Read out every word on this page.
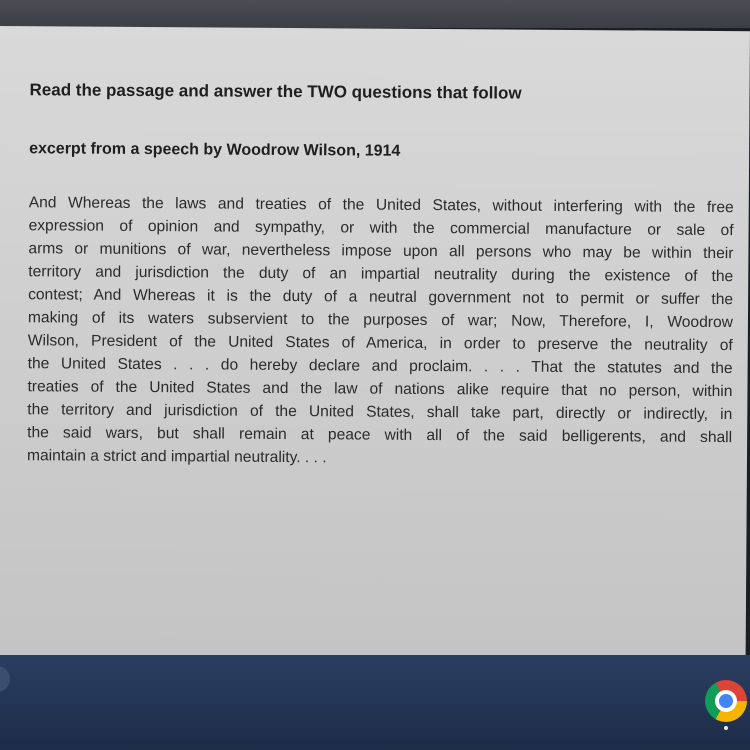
Read the passage and answer the TWO questions that follow

excerpt from a speech by Woodrow Wilson, 1914

And Whereas the laws and treaties of the United States, without interfering with the free
expression of opinion and sympathy, or with the commercial manufacture or sale of
arms or munitions of war, nevertheless impose upon all persons who may be within their
territory and jurisdiction the duty of an impartial neutrality during the existence of the
contest; And Whereas it is the duty of a neutral government not to permit or suffer the
making of its waters subservient to the purposes of war; Now, Therefore, I, Woodrow
Wilson, President of the United States of America, in order to preserve the neutrality of
the United States . . . do hereby declare and proclaim. . . . That the statutes and the
treaties of the United States and the law of nations alike require that no person, within
the territory and jurisdiction of the United States, shall take part, directly or indirectly, in
the said wars, but shall remain at peace with all of the said belligerents, and shall
maintain a strict and impartial neutrality. . . .
